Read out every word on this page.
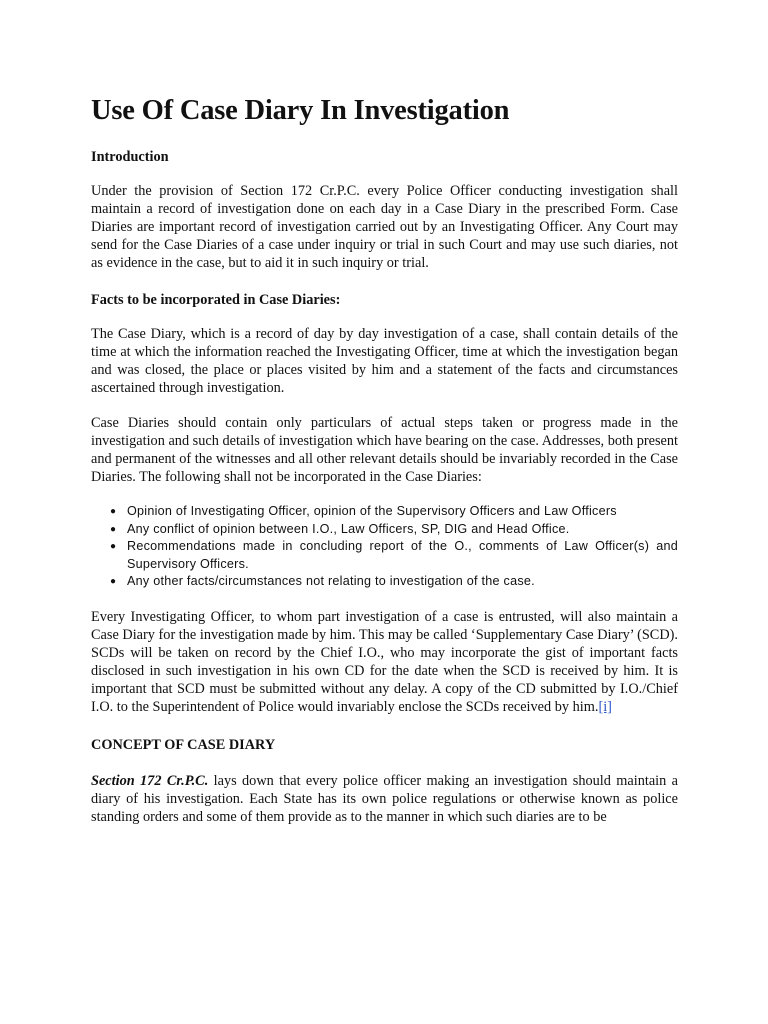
Use Of Case Diary In Investigation
Introduction

Under the provision of Section 172 Cr.P.C. every Police Officer conducting investigation shall maintain a record of investigation done on each day in a Case Diary in the prescribed Form. Case Diaries are important record of investigation carried out by an Investigating Officer. Any Court may send for the Case Diaries of a case under inquiry or trial in such Court and may use such diaries, not as evidence in the case, but to aid it in such inquiry or trial.

Facts to be incorporated in Case Diaries:

The Case Diary, which is a record of day by day investigation of a case, shall contain details of the time at which the information reached the Investigating Officer, time at which the investigation began and was closed, the place or places visited by him and a statement of the facts and circumstances ascertained through investigation.

Case Diaries should contain only particulars of actual steps taken or progress made in the investigation and such details of investigation which have bearing on the case. Addresses, both present and permanent of the witnesses and all other relevant details should be invariably recorded in the Case Diaries. The following shall not be incorporated in the Case Diaries:

● Opinion of Investigating Officer, opinion of the Supervisory Officers and Law Officers
● Any conflict of opinion between I.O., Law Officers, SP, DIG and Head Office.
● Recommendations made in concluding report of the O., comments of Law Officer(s) and Supervisory Officers.
● Any other facts/circumstances not relating to investigation of the case.

Every Investigating Officer, to whom part investigation of a case is entrusted, will also maintain a Case Diary for the investigation made by him. This may be called ‘Supplementary Case Diary’ (SCD). SCDs will be taken on record by the Chief I.O., who may incorporate the gist of important facts disclosed in such investigation in his own CD for the date when the SCD is received by him. It is important that SCD must be submitted without any delay. A copy of the CD submitted by I.O./Chief I.O. to the Superintendent of Police would invariably enclose the SCDs received by him.[i]

CONCEPT OF CASE DIARY

Section 172 Cr.P.C. lays down that every police officer making an investigation should maintain a diary of his investigation. Each State has its own police regulations or otherwise known as police standing orders and some of them provide as to the manner in which such diaries are to be
